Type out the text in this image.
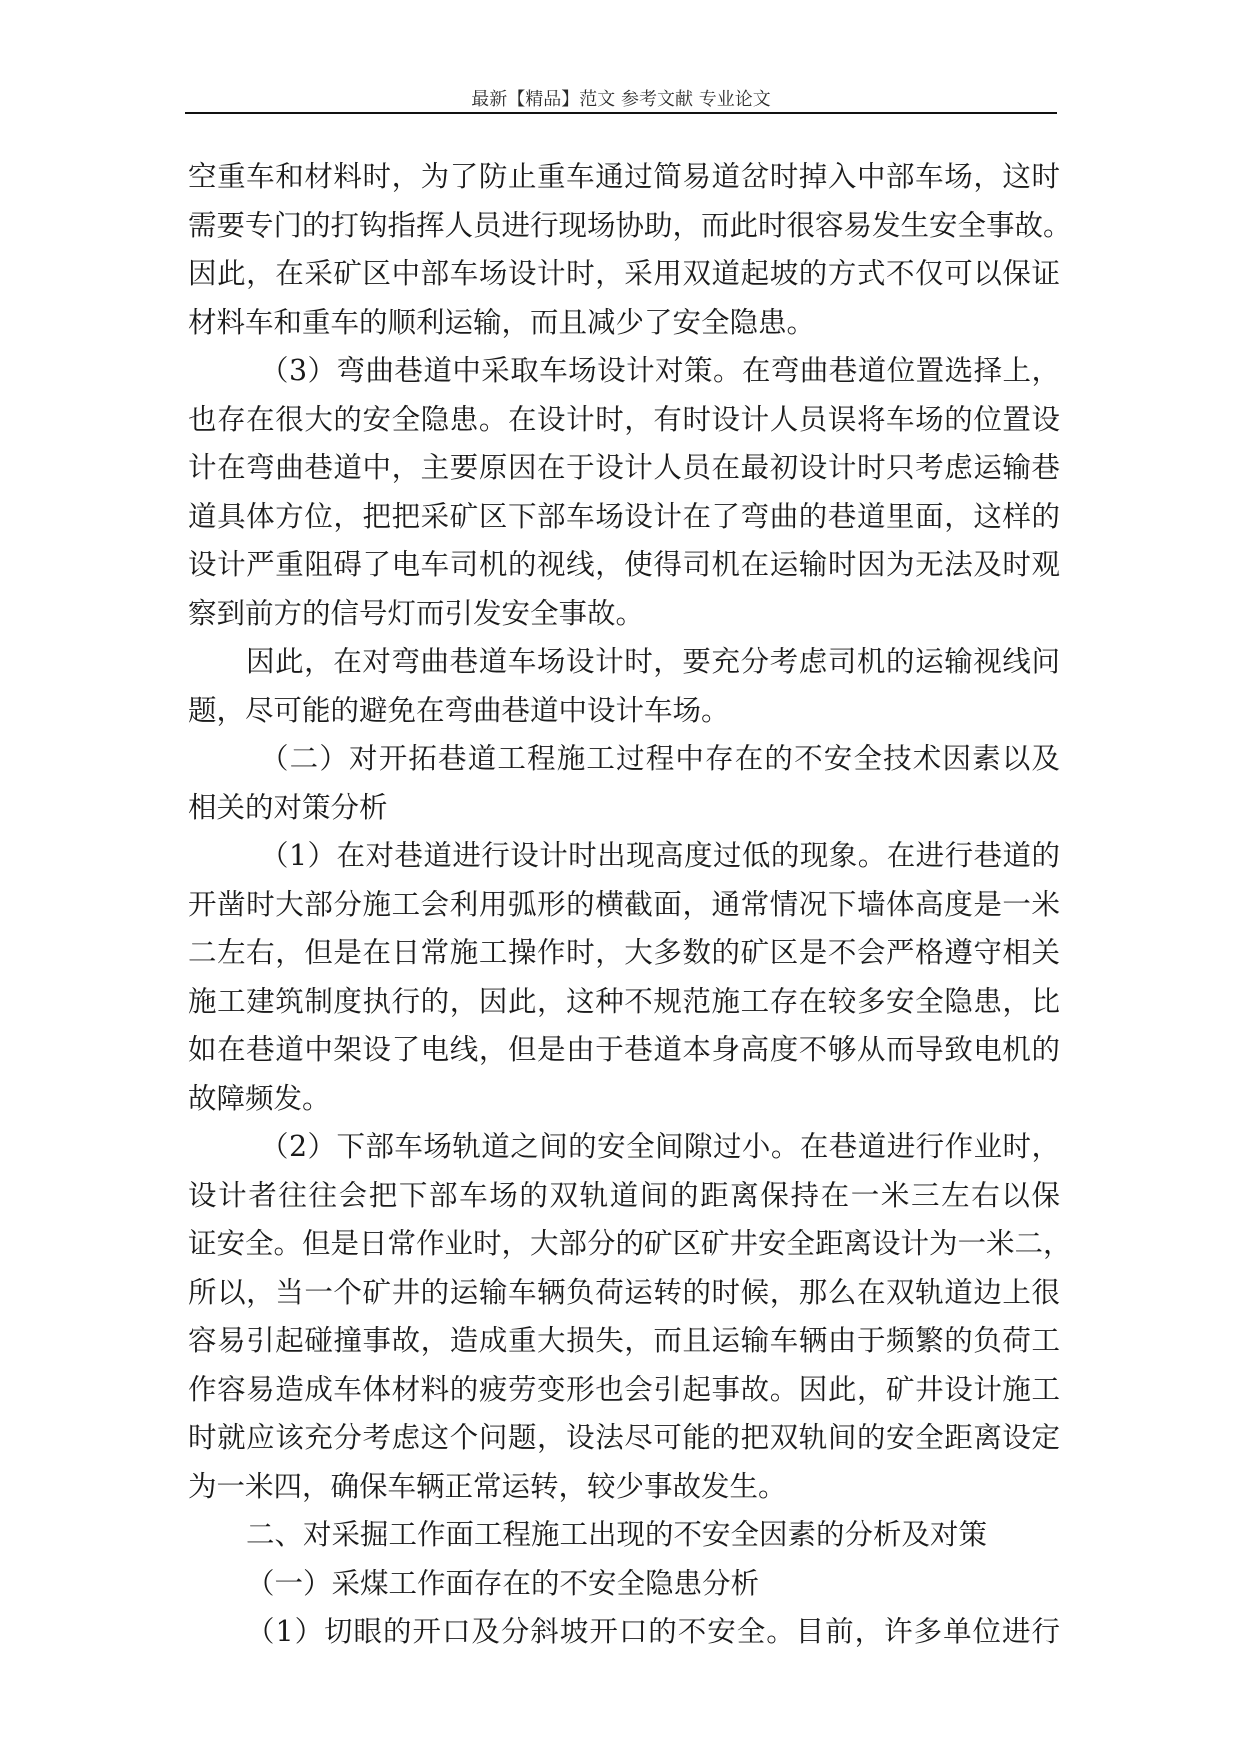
最新【精品】范文 参考文献 专业论文
空重车和材料时，为了防止重车通过简易道岔时掉入中部车场，这时
需要专门的打钩指挥人员进行现场协助，而此时很容易发生安全事故。
因此，在采矿区中部车场设计时，采用双道起坡的方式不仅可以保证
材料车和重车的顺利运输，而且减少了安全隐患。
（3）弯曲巷道中采取车场设计对策。在弯曲巷道位置选择上，
也存在很大的安全隐患。在设计时，有时设计人员误将车场的位置设
计在弯曲巷道中，主要原因在于设计人员在最初设计时只考虑运输巷
道具体方位，把把采矿区下部车场设计在了弯曲的巷道里面，这样的
设计严重阻碍了电车司机的视线，使得司机在运输时因为无法及时观
察到前方的信号灯而引发安全事故。
因此，在对弯曲巷道车场设计时，要充分考虑司机的运输视线问
题，尽可能的避免在弯曲巷道中设计车场。
（二）对开拓巷道工程施工过程中存在的不安全技术因素以及
相关的对策分析
（1）在对巷道进行设计时出现高度过低的现象。在进行巷道的
开凿时大部分施工会利用弧形的横截面，通常情况下墙体高度是一米
二左右，但是在日常施工操作时，大多数的矿区是不会严格遵守相关
施工建筑制度执行的，因此，这种不规范施工存在较多安全隐患，比
如在巷道中架设了电线，但是由于巷道本身高度不够从而导致电机的
故障频发。
（2）下部车场轨道之间的安全间隙过小。在巷道进行作业时，
设计者往往会把下部车场的双轨道间的距离保持在一米三左右以保
证安全。但是日常作业时，大部分的矿区矿井安全距离设计为一米二，
所以，当一个矿井的运输车辆负荷运转的时候，那么在双轨道边上很
容易引起碰撞事故，造成重大损失，而且运输车辆由于频繁的负荷工
作容易造成车体材料的疲劳变形也会引起事故。因此，矿井设计施工
时就应该充分考虑这个问题，设法尽可能的把双轨间的安全距离设定
为一米四，确保车辆正常运转，较少事故发生。
二、对采掘工作面工程施工出现的不安全因素的分析及对策
（一）采煤工作面存在的不安全隐患分析
（1）切眼的开口及分斜坡开口的不安全。目前，许多单位进行
